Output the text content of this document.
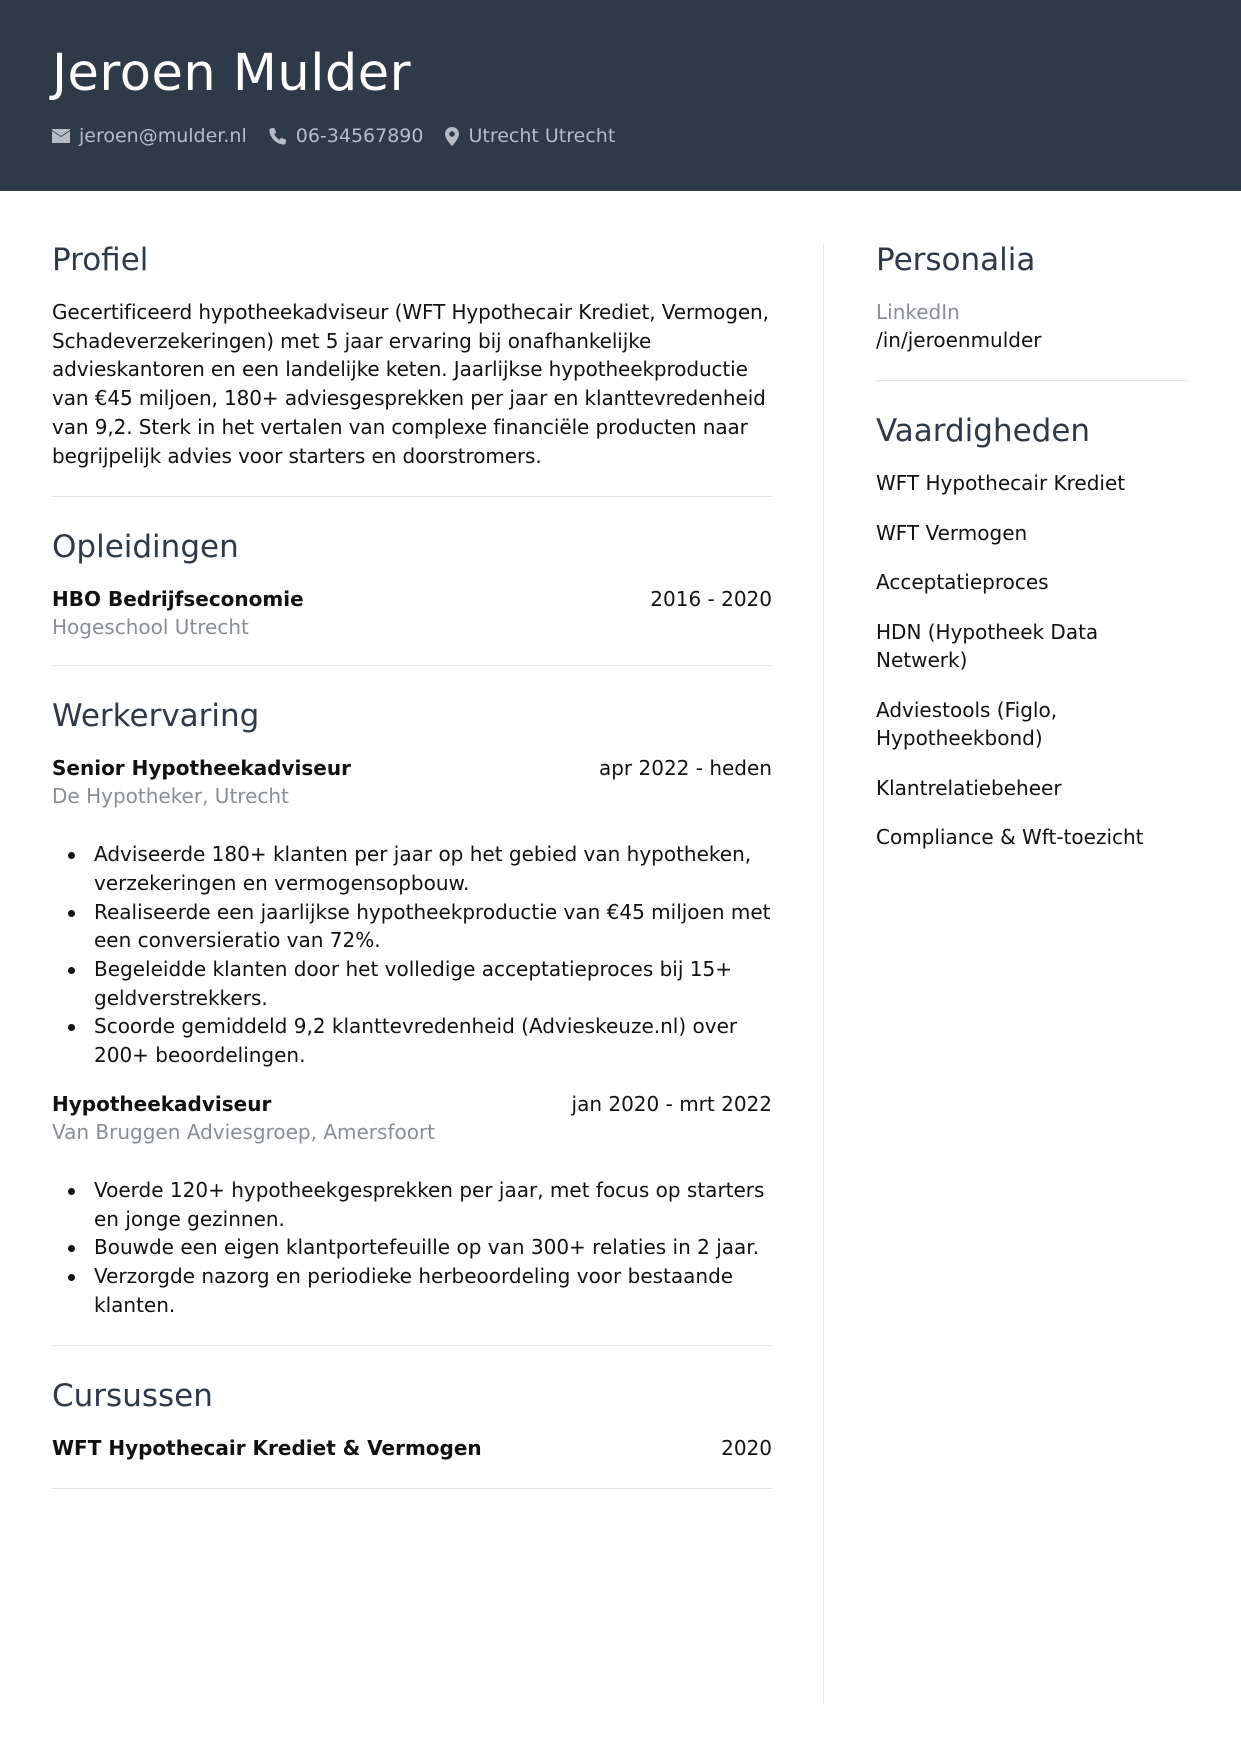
Jeroen Mulder
jeroen@mulder.nl	06-34567890 Utrecht Utrecht
Profiel

Gecertificeerd hypotheekadviseur (WFT Hypothecair Krediet, Vermogen, Schadeverzekeringen) met 5 jaar ervaring bij onafhankelijke advieskantoren en een landelijke keten. Jaarlijkse hypotheekproductie van €45 miljoen, 180+ adviesgesprekken per jaar en klanttevredenheid van 9,2. Sterk in het vertalen van complexe financiële producten naar begrijpelijk advies voor starters en doorstromers.

Opleidingen
HBO Bedrijfseconomie	2016 - 2020
Hogeschool Utrecht
Werkervaring
Senior Hypotheekadviseur	apr 2022 - heden
De Hypotheker, Utrecht
Adviseerde 180+ klanten per jaar op het gebied van hypotheken, verzekeringen en vermogensopbouw.
Realiseerde een jaarlijkse hypotheekproductie van €45 miljoen met een conversieratio van 72%.
Begeleidde klanten door het volledige acceptatieproces bij 15+ geldverstrekkers.
Scoorde gemiddeld 9,2 klanttevredenheid (Advieskeuze.nl) over 200+ beoordelingen.
Hypotheekadviseur	jan 2020 - mrt 2022
Van Bruggen Adviesgroep, Amersfoort
Voerde 120+ hypotheekgesprekken per jaar, met focus op starters en jonge gezinnen.
Bouwde een eigen klantportefeuille op van 300+ relaties in 2 jaar.
Verzorgde nazorg en periodieke herbeoordeling voor bestaande klanten.
Cursussen
WFT Hypothecair Krediet & Vermogen	2020
Personalia
LinkedIn
/in/jeroenmulder
Vaardigheden
WFT Hypothecair Krediet
WFT Vermogen
Acceptatieproces
HDN (Hypotheek Data Netwerk)
Adviestools (Figlo, Hypotheekbond)
Klantrelatiebeheer
Compliance & Wft-toezicht
